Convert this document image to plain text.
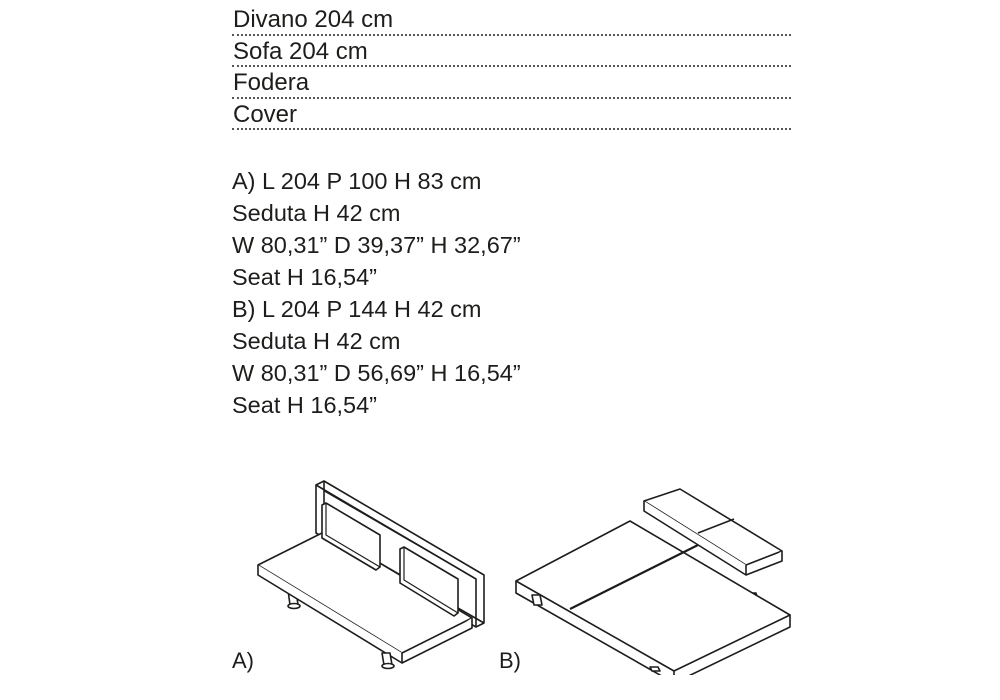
Divano 204 cm
Sofa 204 cm
Fodera
Cover
A) L 204 P 100 H 83 cm
Seduta H 42 cm
W 80,31” D 39,37” H 32,67”
Seat H 16,54”
B) L 204 P 144 H 42 cm
Seduta H 42 cm
W 80,31” D 56,69” H 16,54”
Seat H 16,54”
A)	B)
